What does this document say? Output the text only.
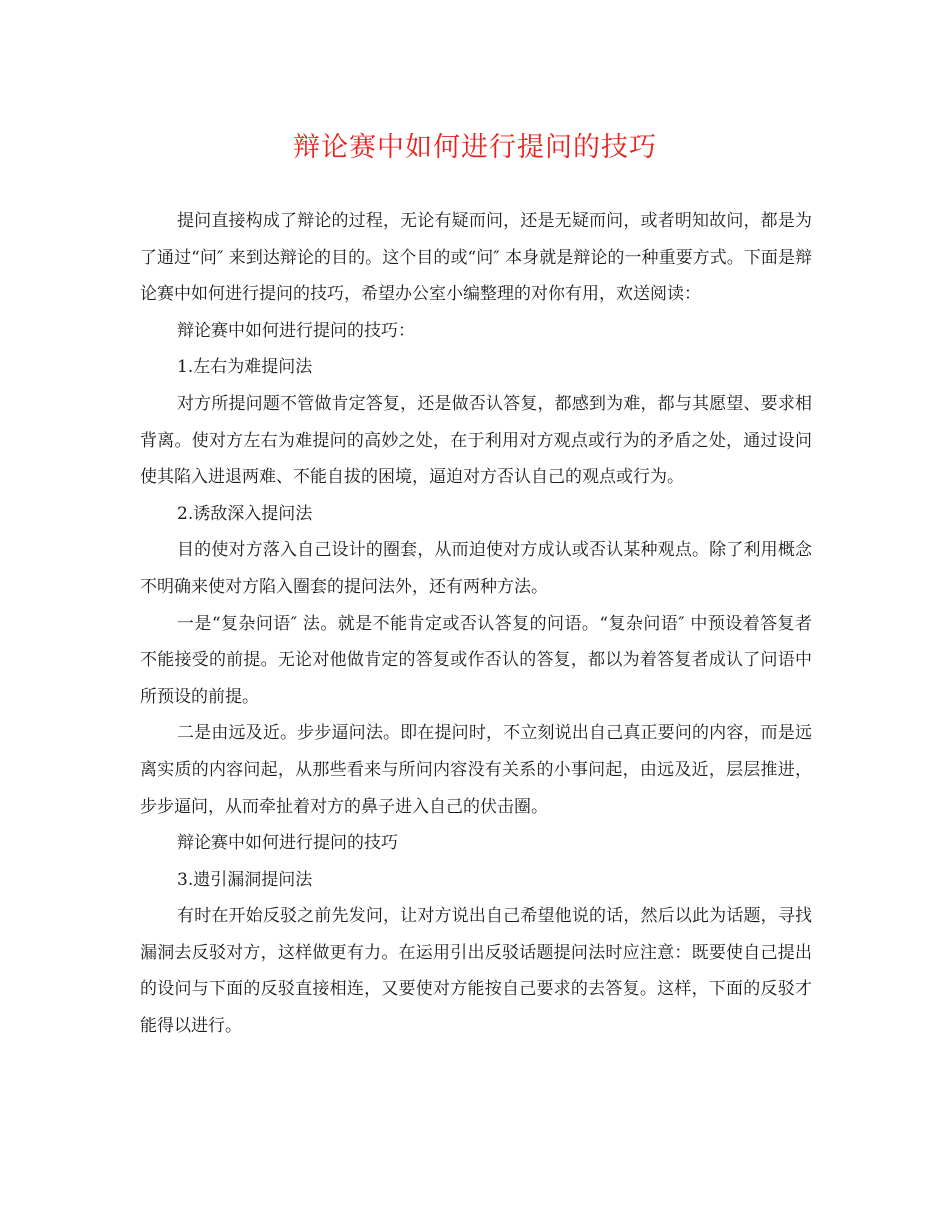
辩论赛中如何进行提问的技巧

提问直接构成了辩论的过程，无论有疑而问，还是无疑而问，或者明知故问，都是为了通过“问″ 来到达辩论的目的。这个目的或“问″ 本身就是辩论的一种重要方式。下面是辩论赛中如何进行提问的技巧，希望办公室小编整理的对你有用，欢送阅读：

辩论赛中如何进行提问的技巧：

1.左右为难提问法

对方所提问题不管做肯定答复，还是做否认答复，都感到为难，都与其愿望、要求相背离。使对方左右为难提问的高妙之处，在于利用对方观点或行为的矛盾之处，通过设问使其陷入进退两难、不能自拔的困境，逼迫对方否认自己的观点或行为。

2.诱敌深入提问法

目的使对方落入自己设计的圈套，从而迫使对方成认或否认某种观点。除了利用概念不明确来使对方陷入圈套的提问法外，还有两种方法。

一是“复杂问语″ 法。就是不能肯定或否认答复的问语。“复杂问语″ 中预设着答复者不能接受的前提。无论对他做肯定的答复或作否认的答复，都以为着答复者成认了问语中所预设的前提。

二是由远及近。步步逼问法。即在提问时，不立刻说出自己真正要问的内容，而是远离实质的内容问起，从那些看来与所问内容没有关系的小事问起，由远及近，层层推进，步步逼问，从而牵扯着对方的鼻子进入自己的伏击圈。

辩论赛中如何进行提问的技巧

3.遗引漏洞提问法

有时在开始反驳之前先发问，让对方说出自己希望他说的话，然后以此为话题，寻找漏洞去反驳对方，这样做更有力。在运用引出反驳话题提问法时应注意：既要使自己提出的设问与下面的反驳直接相连，又要使对方能按自己要求的去答复。这样，下面的反驳才能得以进行。
